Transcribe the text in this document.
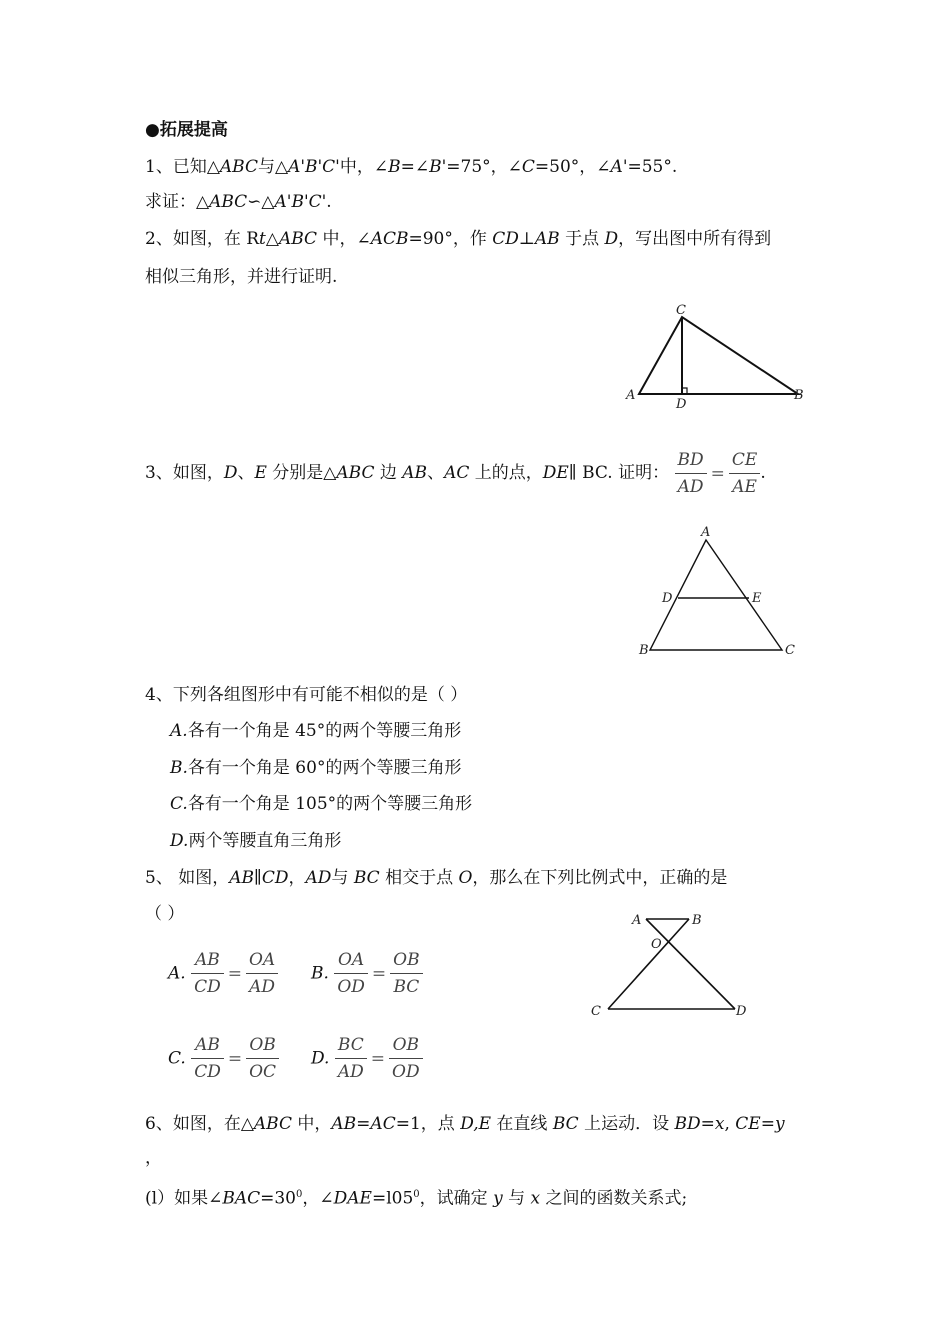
●拓展提高
1、已知△ABC与△A'B'C'中，∠B=∠B'=75°，∠C=50°，∠A'=55°.
求证：△ABC∽△A'B'C'.
2、如图，在 Rt△ABC 中，∠ACB=90°，作 CD⊥AB 于点 D，写出图中所有得到
相似三角形，并进行证明.
C
A
D
B
3、如图，D、E 分别是△ABC 边 AB、AC 上的点，DE∥ BC. 证明： $\frac{BD}{AD} = \frac{CE}{AE}$ .
A
D	E
B	C
4、下列各组图形中有可能不相似的是（ ）
A.各有一个角是 45°的两个等腰三角形
B.各有一个角是 60°的两个等腰三角形
C.各有一个角是 105°的两个等腰三角形
D.两个等腰直角三角形
5、 如图，AB∥CD，AD与 BC 相交于点 O，那么在下列比例式中，正确的是
（ ）
A. $\frac{AB}{CD} = \frac{OA}{AD} B$. $\frac{OA}{OD} = \frac{OB}{BC}$
C. $\frac{AB}{CD} = \frac{OB}{OC} D$. $\frac{BC}{AD} = \frac{OB}{OD}$
A	B
O
C	D
6、如图，在△ABC 中，AB=AC=1，点 D,E 在直线 BC 上运动．设 BD=x, CE=y
，
(l）如果$\angle BAC=30^0$，$\angle DAE=l05^0$，试确定 y 与 x 之间的函数关系式;
